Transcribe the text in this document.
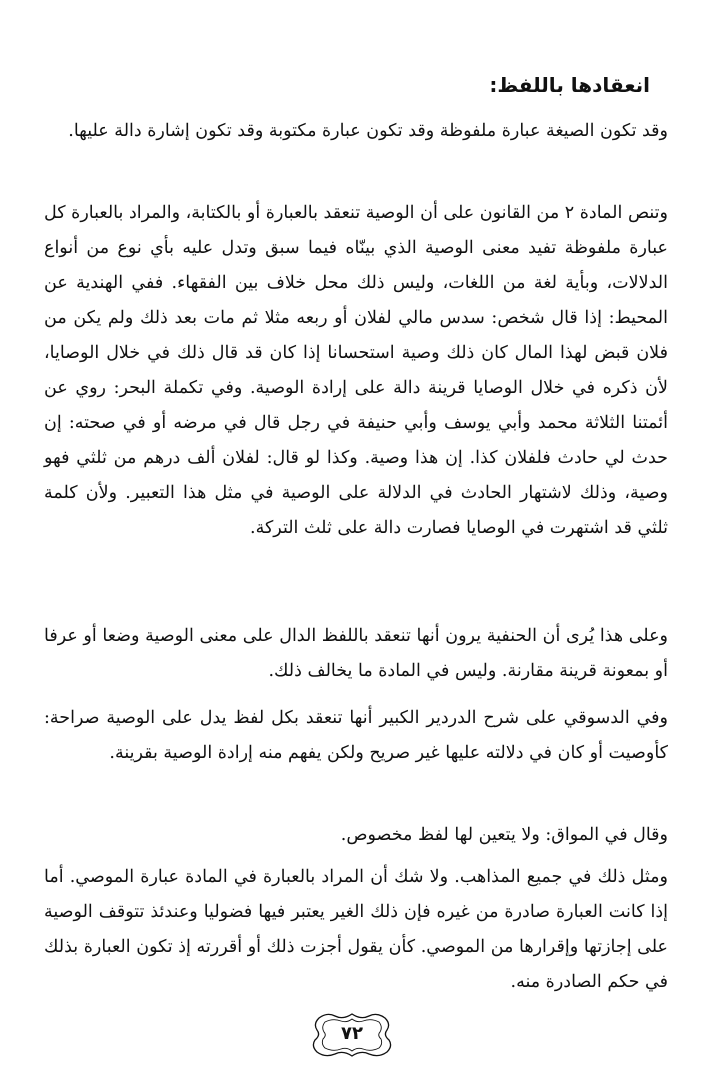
انعقادها باللفظ:

وقد تكون الصيغة عبارة ملفوظة وقد تكون عبارة مكتوبة وقد تكون إشارة دالة عليها.

وتنص المادة ٢ من القانون على أن الوصية تنعقد بالعبارة أو بالكتابة، والمراد بالعبارة كل عبارة ملفوظة تفيد معنى الوصية الذي بينّاه فيما سبق وتدل عليه بأي نوع من أنواع الدلالات، وبأية لغة من اللغات، وليس ذلك محل خلاف بين الفقهاء. ففي الهندية عن المحيط: إذا قال شخص: سدس مالي لفلان أو ربعه مثلا ثم مات بعد ذلك ولم يكن من فلان قبض لهذا المال كان ذلك وصية استحسانا إذا كان قد قال ذلك في خلال الوصايا، لأن ذكره في خلال الوصايا قرينة دالة على إرادة الوصية. وفي تكملة البحر: روي عن أئمتنا الثلاثة محمد وأبي يوسف وأبي حنيفة في رجل قال في مرضه أو في صحته: إن حدث لي حادث فلفلان كذا. إن هذا وصية. وكذا لو قال: لفلان ألف درهم من ثلثي فهو وصية، وذلك لاشتهار الحادث في الدلالة على الوصية في مثل هذا التعبير. ولأن كلمة ثلثي قد اشتهرت في الوصايا فصارت دالة على ثلث التركة.

وعلى هذا يُرى أن الحنفية يرون أنها تنعقد باللفظ الدال على معنى الوصية وضعا أو عرفا أو بمعونة قرينة مقارنة. وليس في المادة ما يخالف ذلك.

وفي الدسوقي على شرح الدردير الكبير أنها تنعقد بكل لفظ يدل على الوصية صراحة: كأوصيت أو كان في دلالته عليها غير صريح ولكن يفهم منه إرادة الوصية بقرينة.

وقال في المواق: ولا يتعين لها لفظ مخصوص.

ومثل ذلك في جميع المذاهب. ولا شك أن المراد بالعبارة في المادة عبارة الموصي. أما إذا كانت العبارة صادرة من غيره فإن ذلك الغير يعتبر فيها فضوليا وعندئذ تتوقف الوصية على إجازتها وإقرارها من الموصي. كأن يقول أجزت ذلك أو أقررته إذ تكون العبارة بذلك في حكم الصادرة منه.

٧٢
